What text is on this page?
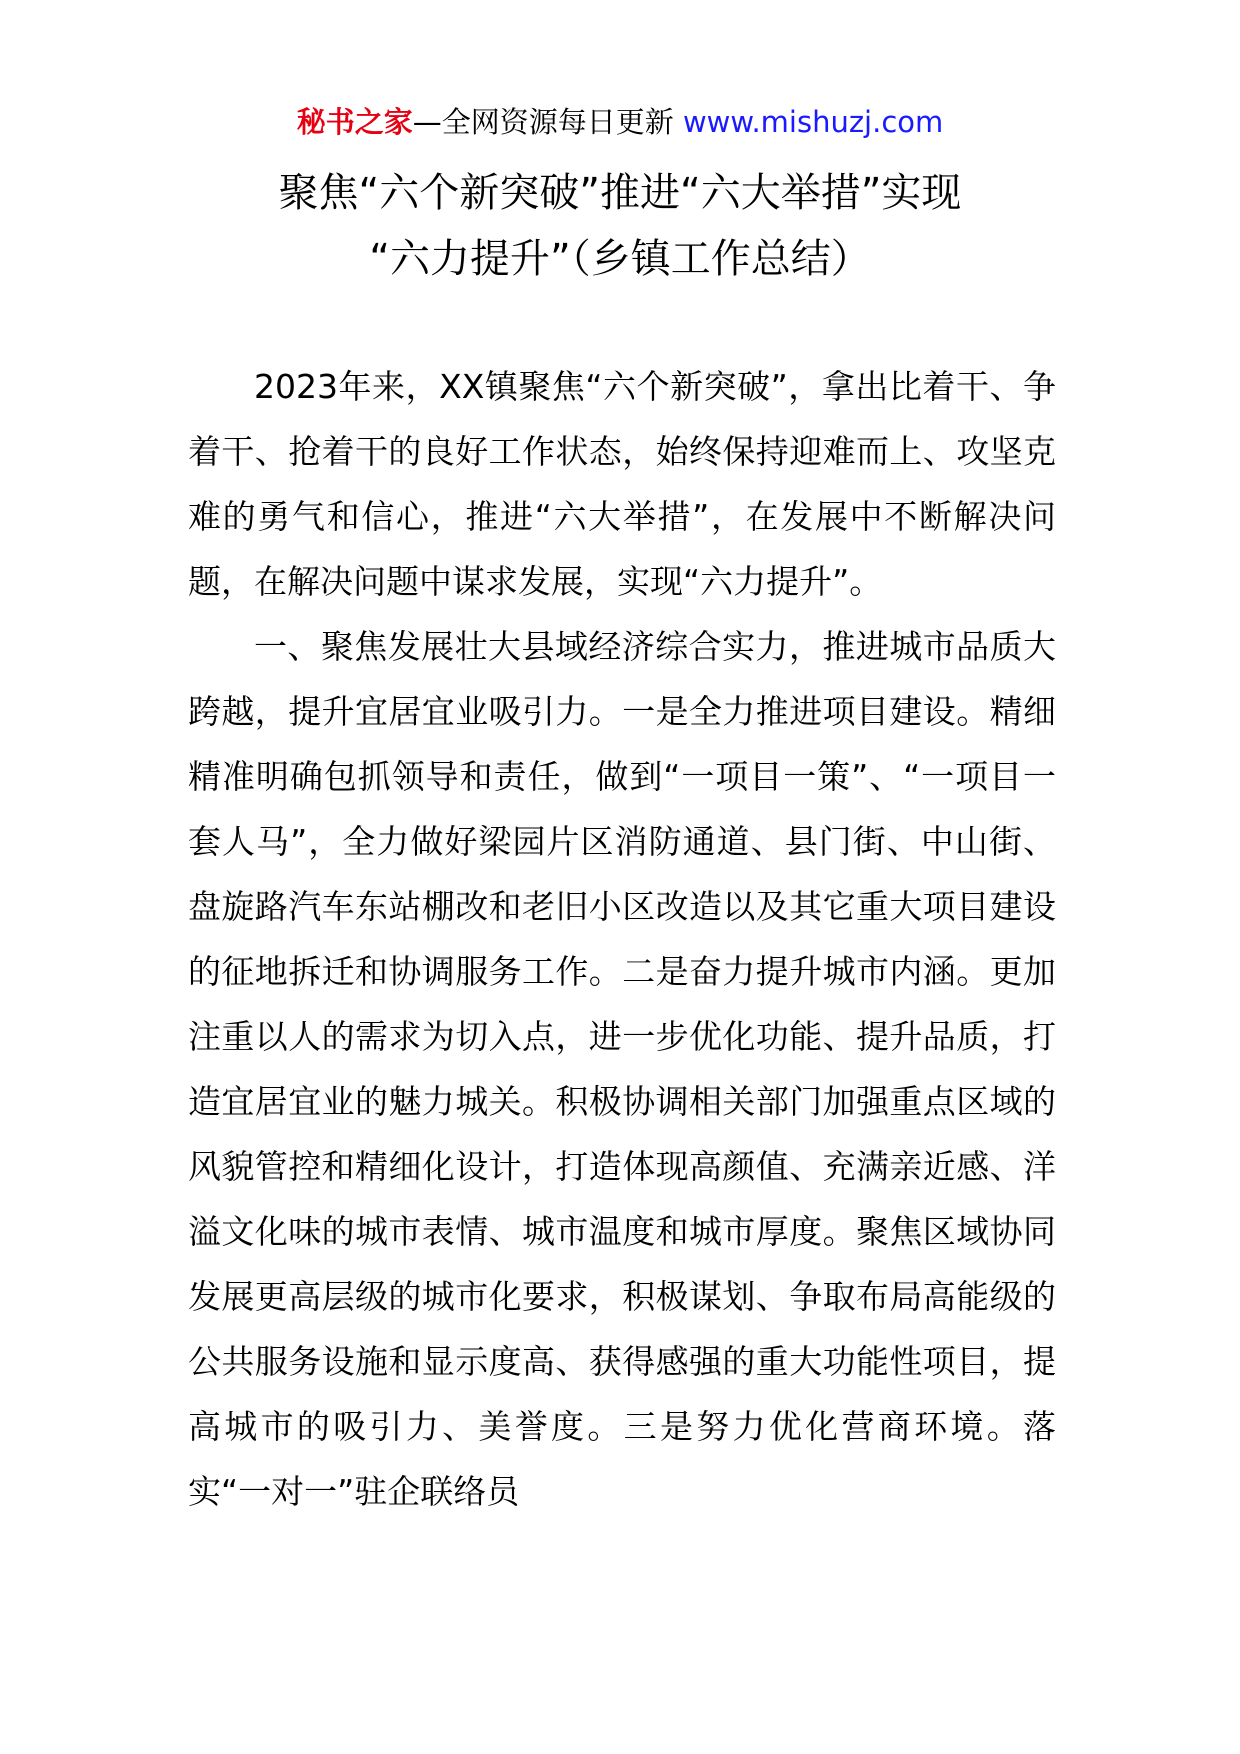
秘书之家—全网资源每日更新 www.mishuzj.com
聚焦“六个新突破”推进“六大举措”实现
“六力提升”（乡镇工作总结）

2023年来，XX镇聚焦“六个新突破”，拿出比着干、争着干、抢着干的良好工作状态，始终保持迎难而上、攻坚克难的勇气和信心，推进“六大举措”，在发展中不断解决问题，在解决问题中谋求发展，实现“六力提升”。

一、聚焦发展壮大县域经济综合实力，推进城市品质大跨越，提升宜居宜业吸引力。一是全力推进项目建设。精细精准明确包抓领导和责任，做到“一项目一策”、“一项目一套人马”，全力做好梁园片区消防通道、县门街、中山街、盘旋路汽车东站棚改和老旧小区改造以及其它重大项目建设的征地拆迁和协调服务工作。二是奋力提升城市内涵。更加注重以人的需求为切入点，进一步优化功能、提升品质，打造宜居宜业的魅力城关。积极协调相关部门加强重点区域的风貌管控和精细化设计，打造体现高颜值、充满亲近感、洋溢文化味的城市表情、城市温度和城市厚度。聚焦区域协同发展更高层级的城市化要求，积极谋划、争取布局高能级的公共服务设施和显示度高、获得感强的重大功能性项目，提高城市的吸引力、美誉度。三是努力优化营商环境。落实“一对一”驻企联络员
